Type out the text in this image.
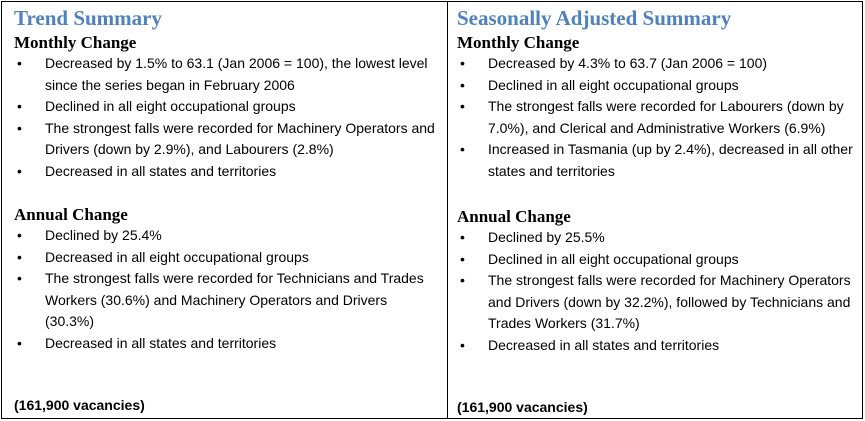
Trend Summary
Monthly Change
• Decreased by 1.5% to 63.1 (Jan 2006 = 100), the lowest level since the series began in February 2006
• Declined in all eight occupational groups
• The strongest falls were recorded for Machinery Operators and Drivers (down by 2.9%), and Labourers (2.8%)
• Decreased in all states and territories
Annual Change
• Declined by 25.4%
• Decreased in all eight occupational groups
• The strongest falls were recorded for Technicians and Trades Workers (30.6%) and Machinery Operators and Drivers (30.3%)
• Decreased in all states and territories
(161,900 vacancies)
Seasonally Adjusted Summary
Monthly Change
• Decreased by 4.3% to 63.7 (Jan 2006 = 100)
• Declined in all eight occupational groups
• The strongest falls were recorded for Labourers (down by 7.0%), and Clerical and Administrative Workers (6.9%)
• Increased in Tasmania (up by 2.4%), decreased in all other states and territories
Annual Change
• Declined by 25.5%
• Declined in all eight occupational groups
• The strongest falls were recorded for Machinery Operators and Drivers (down by 32.2%), followed by Technicians and Trades Workers (31.7%)
• Decreased in all states and territories
(161,900 vacancies)
